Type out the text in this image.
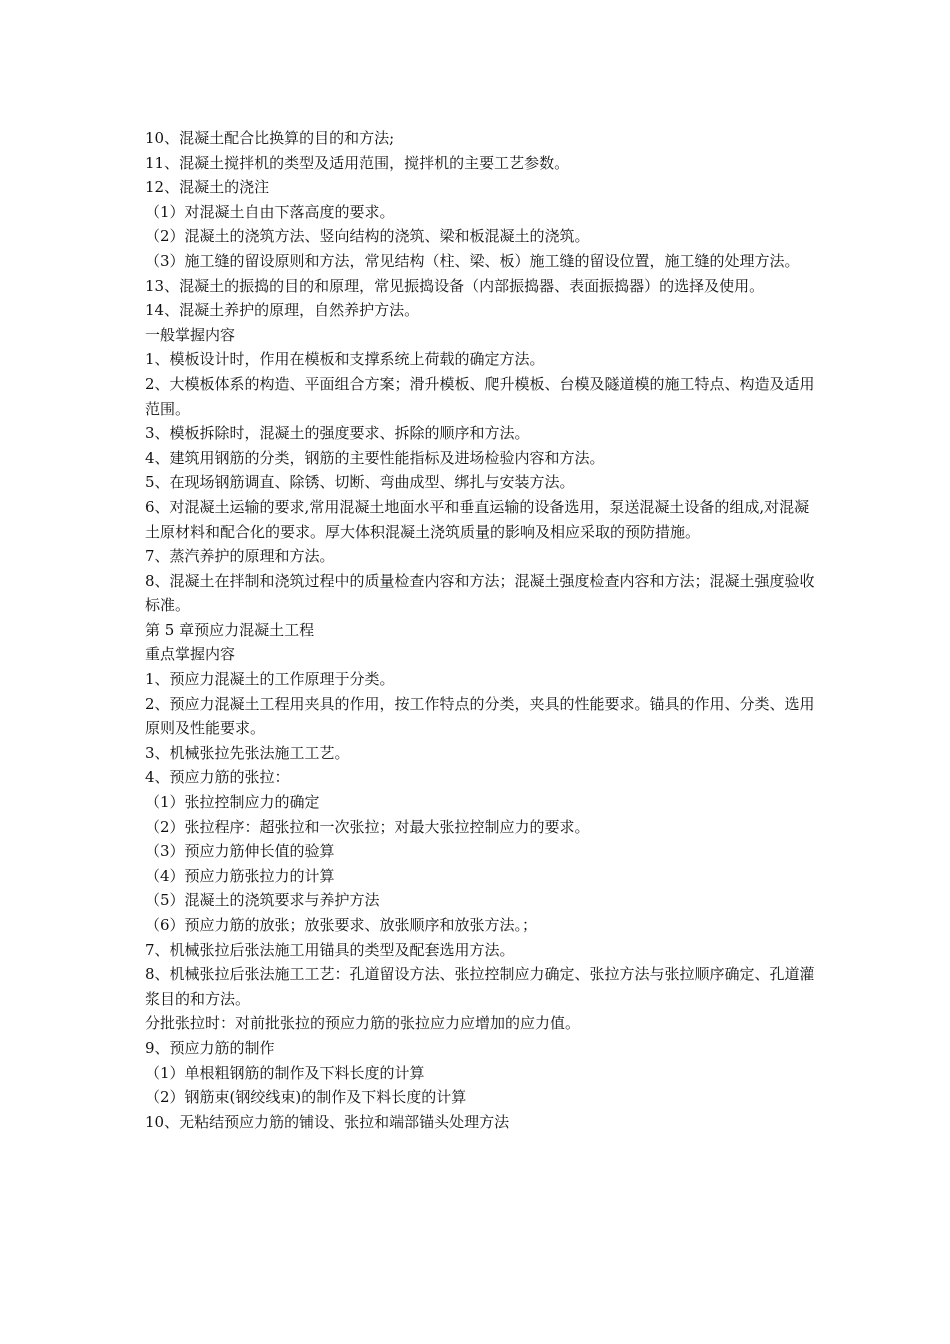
10、混凝土配合比换算的目的和方法;

11、混凝土搅拌机的类型及适用范围，搅拌机的主要工艺参数。

12、混凝土的浇注

（1）对混凝土自由下落高度的要求。

（2）混凝土的浇筑方法、竖向结构的浇筑、梁和板混凝土的浇筑。

（3）施工缝的留设原则和方法，常见结构（柱、梁、板）施工缝的留设位置，施工缝的处理方法。

13、混凝土的振捣的目的和原理，常见振捣设备（内部振捣器、表面振捣器）的选择及使用。

14、混凝土养护的原理，自然养护方法。

一般掌握内容

1、模板设计时，作用在模板和支撑系统上荷载的确定方法。

2、大模板体系的构造、平面组合方案；滑升模板、爬升模板、台模及隧道模的施工特点、构造及适用范围。

3、模板拆除时，混凝土的强度要求、拆除的顺序和方法。

4、建筑用钢筋的分类，钢筋的主要性能指标及进场检验内容和方法。

5、在现场钢筋调直、除锈、切断、弯曲成型、绑扎与安装方法。

6、对混凝土运输的要求,常用混凝土地面水平和垂直运输的设备选用，泵送混凝土设备的组成,对混凝土原材料和配合化的要求。厚大体积混凝土浇筑质量的影响及相应采取的预防措施。

7、蒸汽养护的原理和方法。

8、混凝土在拌制和浇筑过程中的质量检查内容和方法；混凝土强度检查内容和方法；混凝土强度验收标准。

第 5 章预应力混凝土工程

重点掌握内容

1、预应力混凝土的工作原理于分类。

2、预应力混凝土工程用夹具的作用，按工作特点的分类，夹具的性能要求。锚具的作用、分类、选用原则及性能要求。

3、机械张拉先张法施工工艺。

4、预应力筋的张拉：

（1）张拉控制应力的确定

（2）张拉程序：超张拉和一次张拉；对最大张拉控制应力的要求。

（3）预应力筋伸长值的验算

（4）预应力筋张拉力的计算

（5）混凝土的浇筑要求与养护方法

（6）预应力筋的放张；放张要求、放张顺序和放张方法。；

7、机械张拉后张法施工用锚具的类型及配套选用方法。

8、机械张拉后张法施工工艺：孔道留设方法、张拉控制应力确定、张拉方法与张拉顺序确定、孔道灌浆目的和方法。

分批张拉时：对前批张拉的预应力筋的张拉应力应增加的应力值。

9、预应力筋的制作

（1）单根粗钢筋的制作及下料长度的计算

（2）钢筋束(钢绞线束)的制作及下料长度的计算

10、无粘结预应力筋的铺设、张拉和端部锚头处理方法
